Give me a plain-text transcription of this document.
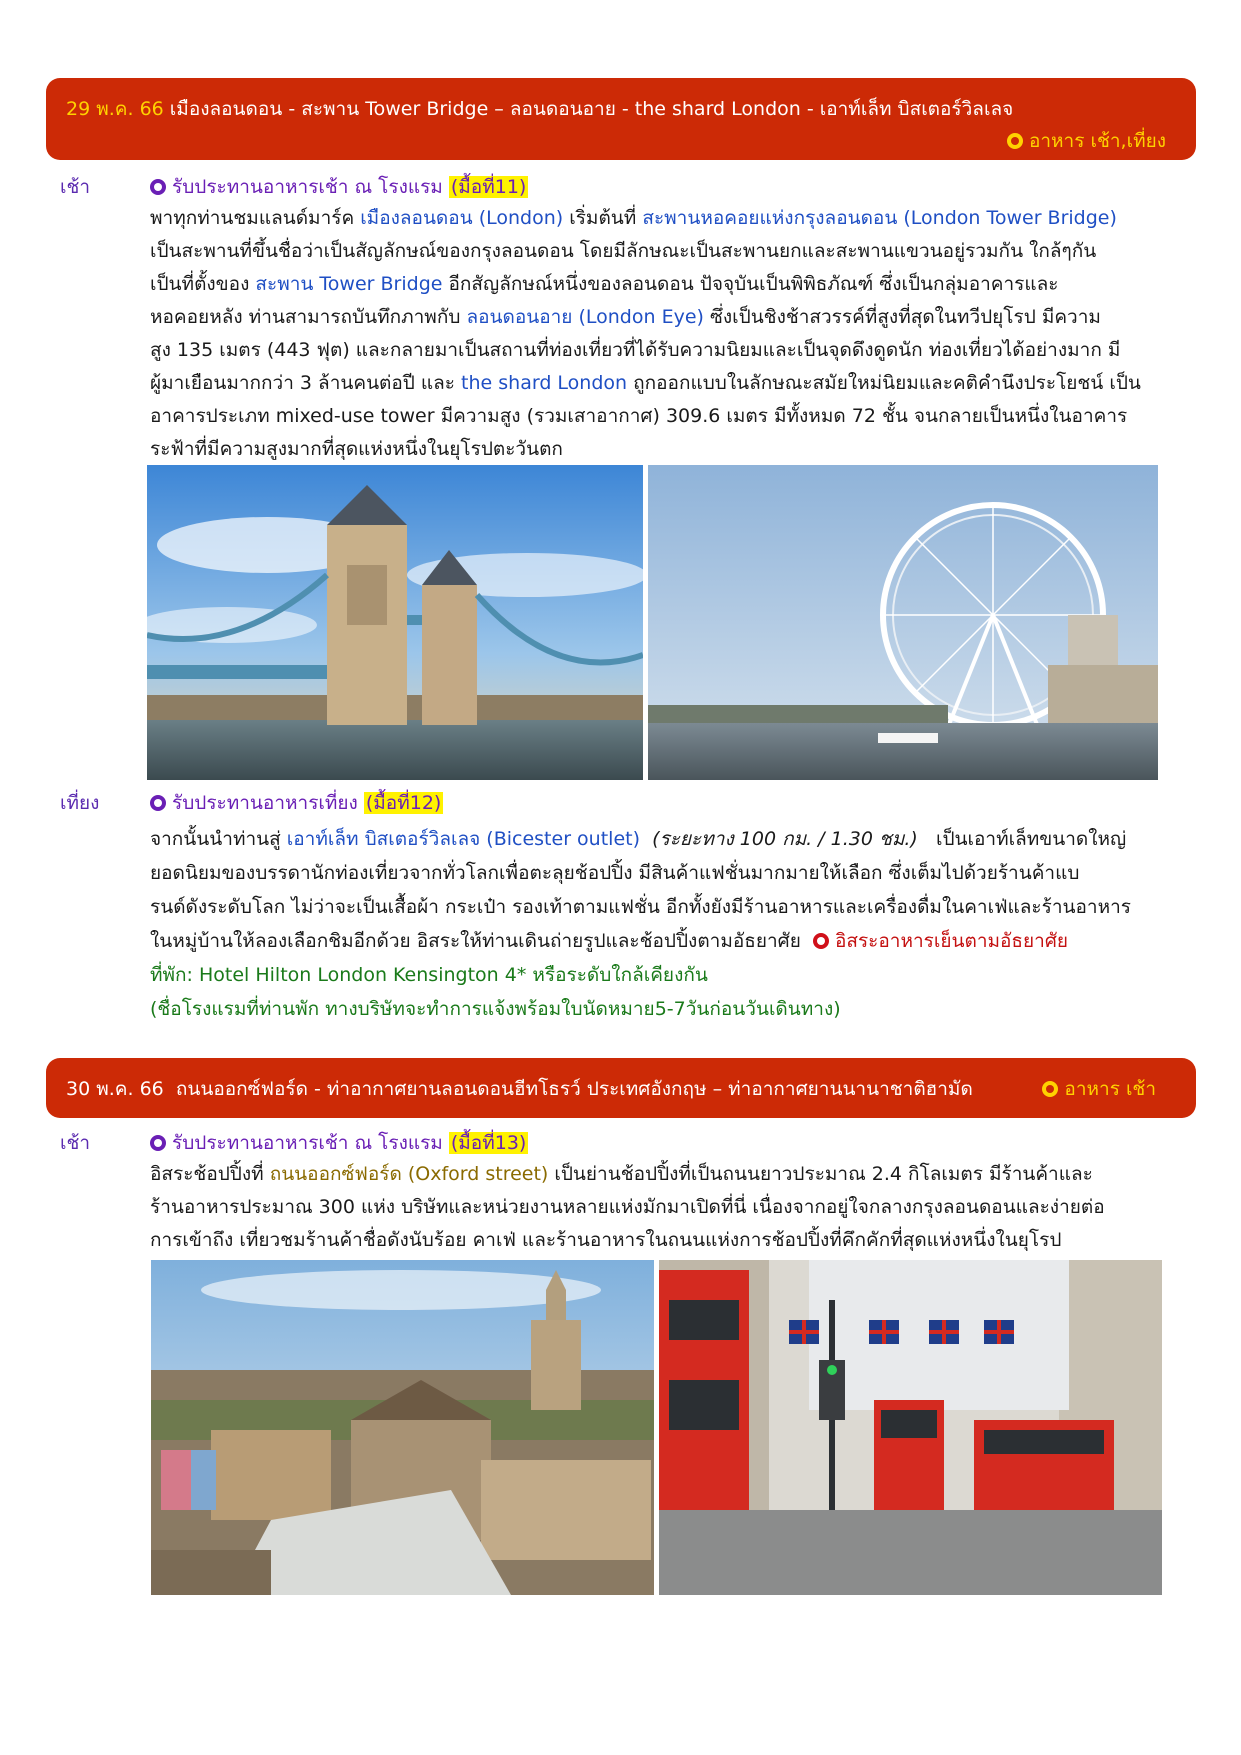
29 พ.ค. 66 เมืองลอนดอน - สะพาน Tower Bridge – ลอนดอนอาย - the shard London - เอาท์เล็ท บิสเตอร์วิลเลจ
อาหาร เช้า,เที่ยง
เช้า	รับประทานอาหารเช้า ณ โรงแรม (มื้อที่11)
พาทุกท่านชมแลนด์มาร์ค เมืองลอนดอน (London) เริ่มต้นที่ สะพานหอคอยแห่งกรุงลอนดอน (London Tower Bridge)
เป็นสะพานที่ขึ้นชื่อว่าเป็นสัญลักษณ์ของกรุงลอนดอน โดยมีลักษณะเป็นสะพานยกและสะพานแขวนอยู่รวมกัน ใกล้ๆกัน
เป็นที่ตั้งของ สะพาน Tower Bridge อีกสัญลักษณ์หนึ่งของลอนดอน ปัจจุบันเป็นพิพิธภัณฑ์ ซึ่งเป็นกลุ่มอาคารและ
หอคอยหลัง ท่านสามารถบันทึกภาพกับ ลอนดอนอาย (London Eye) ซึ่งเป็นชิงช้าสวรรค์ที่สูงที่สุดในทวีปยุโรป มีความ
สูง 135 เมตร (443 ฟุต) และกลายมาเป็นสถานที่ท่องเที่ยวที่ได้รับความนิยมและเป็นจุดดึงดูดนัก ท่องเที่ยวได้อย่างมาก มี
ผู้มาเยือนมากกว่า 3 ล้านคนต่อปี และ the shard London ถูกออกแบบในลักษณะสมัยใหม่นิยมและคติคำนึงประโยชน์ เป็น
อาคารประเภท mixed-use tower มีความสูง (รวมเสาอากาศ) 309.6 เมตร มีทั้งหมด 72 ชั้น จนกลายเป็นหนึ่งในอาคาร
ระฟ้าที่มีความสูงมากที่สุดแห่งหนึ่งในยุโรปตะวันตก
เที่ยง	รับประทานอาหารเที่ยง (มื้อที่12)
จากนั้นนำท่านสู่ เอาท์เล็ท บิสเตอร์วิลเลจ (Bicester outlet) (ระยะทาง 100 กม. / 1.30 ชม.) เป็นเอาท์เล็ทขนาดใหญ่
ยอดนิยมของบรรดานักท่องเที่ยวจากทั่วโลกเพื่อตะลุยช้อปปิ้ง มีสินค้าแฟชั่นมากมายให้เลือก ซึ่งเต็มไปด้วยร้านค้าแบ
รนด์ดังระดับโลก ไม่ว่าจะเป็นเสื้อผ้า กระเป๋า รองเท้าตามแฟชั่น อีกทั้งยังมีร้านอาหารและเครื่องดื่มในคาเฟ่และร้านอาหาร
ในหมู่บ้านให้ลองเลือกชิมอีกด้วย อิสระให้ท่านเดินถ่ายรูปและช้อปปิ้งตามอัธยาศัย อิสระอาหารเย็นตามอัธยาศัย
ที่พัก: Hotel Hilton London Kensington 4* หรือระดับใกล้เคียงกัน
(ชื่อโรงแรมที่ท่านพัก ทางบริษัทจะทำการแจ้งพร้อมใบนัดหมาย5-7วันก่อนวันเดินทาง)
30 พ.ค. 66 ถนนออกซ์ฟอร์ด - ท่าอากาศยานลอนดอนฮีทโธรว์ ประเทศอังกฤษ – ท่าอากาศยานนานาชาติฮามัด	อาหาร เช้า
เช้า	รับประทานอาหารเช้า ณ โรงแรม (มื้อที่13)
อิสระช้อปปิ้งที่ ถนนออกซ์ฟอร์ด (Oxford street) เป็นย่านช้อปปิ้งที่เป็นถนนยาวประมาณ 2.4 กิโลเมตร มีร้านค้าและ
ร้านอาหารประมาณ 300 แห่ง บริษัทและหน่วยงานหลายแห่งมักมาเปิดที่นี่ เนื่องจากอยู่ใจกลางกรุงลอนดอนและง่ายต่อ
การเข้าถึง เที่ยวชมร้านค้าชื่อดังนับร้อย คาเฟ่ และร้านอาหารในถนนแห่งการช้อปปิ้งที่คึกคักที่สุดแห่งหนึ่งในยุโรป
